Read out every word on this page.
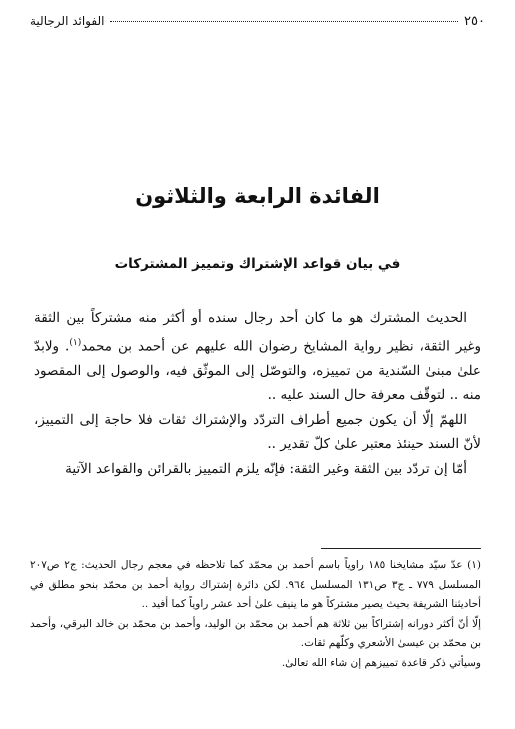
٢٥٠
الفوائد الرجالية
الفائدة الرابعة والثلاثون
في بيان قواعد الإشتراك وتمييز المشتركات

الحديث المشترك هو ما كان أحد رجال سنده أو أكثر منه مشتركاً بين الثقة وغير الثقة، نظير رواية المشايخ رضوان الله عليهم عن أحمد بن محمد$^{(١)}$. ولابدّ علىٰ مبنىٰ السّندية من تمييزه، والتوصّل إلى الموثّق فيه، والوصول إلى المقصود منه .. لتوقّف معرفة حال السند عليه ..

اللهمّ إلّا أن يكون جميع أطراف التردّد والإشتراك ثقات فلا حاجة إلى التمييز، لأنّ السند حينئذ معتبر علىٰ كلّ تقدير ..

أمّا إن تردّد بين الثقة وغير الثقة: فإنّه يلزم التمييز بالقرائن والقواعد الآتية

(١) عدّ سيّد مشايخنا ١٨٥ راوياً باسم أحمد بن محمّد كما تلاحظه في معجم رجال الحديث: ج٢ ص٢٠٧ المسلسل ٧٧٩ ـ ج٣ ص١٣١ المسلسل ٩٦٤. لكن دائرة إشتراك رواية أحمد بن محمّد بنحو مطلق في أحاديثنا الشريفة بحيث يصير مشتركاً هو ما ينيف علىٰ أحد عشر راوياً كما أفيد ..

إلّا أنّ أكثر دورانه إشتراكاً بين ثلاثة هم أحمد بن محمّد بن الوليد، وأحمد بن محمّد بن خالد البرقي، وأحمد بن محمّد بن عيسىٰ الأشعري وكلّهم ثقات.

وسيأتي ذكر قاعدة تمييزهم إن شاء الله تعالىٰ.
